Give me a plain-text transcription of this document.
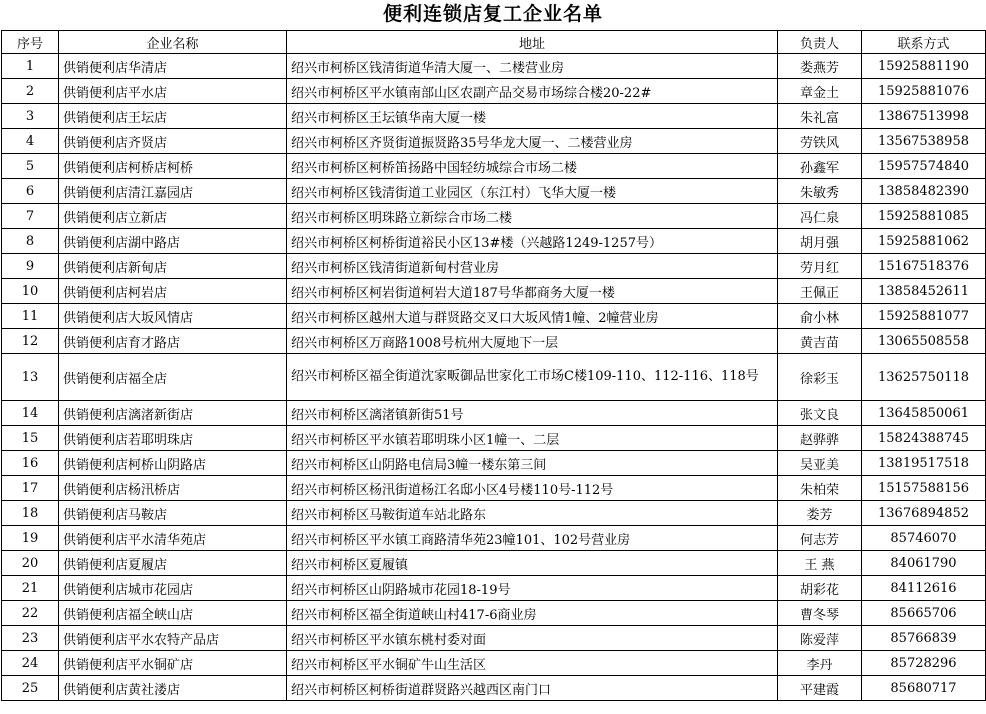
便利连锁店复工企业名单
序号	企业名称	地址	负责人	联系方式
1	供销便利店华清店	绍兴市柯桥区钱清街道华清大厦一、二楼营业房	娄燕芳	15925881190
2	供销便利店平水店	绍兴市柯桥区平水镇南部山区农副产品交易市场综合楼20-22#	章金土	15925881076
3	供销便利店王坛店	绍兴市柯桥区王坛镇华南大厦一楼	朱礼富	13867513998
4	供销便利店齐贤店	绍兴市柯桥区齐贤街道振贤路35号华龙大厦一、二楼营业房	劳铁风	13567538958
5	供销便利店柯桥店柯桥	绍兴市柯桥区柯桥笛扬路中国轻纺城综合市场二楼	孙鑫军	15957574840
6	供销便利店清江嘉园店	绍兴市柯桥区钱清街道工业园区（东江村）飞华大厦一楼	朱敏秀	13858482390
7	供销便利店立新店	绍兴市柯桥区明珠路立新综合市场二楼	冯仁泉	15925881085
8	供销便利店湖中路店	绍兴市柯桥区柯桥街道裕民小区13#楼（兴越路1249-1257号）	胡月强	15925881062
9	供销便利店新甸店	绍兴市柯桥区钱清街道新甸村营业房	劳月红	15167518376
10	供销便利店柯岩店	绍兴市柯桥区柯岩街道柯岩大道187号华都商务大厦一楼	王佩正	13858452611
11	供销便利店大坂风情店	绍兴市柯桥区越州大道与群贤路交叉口大坂风情1幢、2幢营业房	俞小林	15925881077
12	供销便利店育才路店	绍兴市柯桥区万商路1008号杭州大厦地下一层	黄吉苗	13065508558
13	供销便利店福全店	绍兴市柯桥区福全街道沈家畈御品世家化工市场C楼109-110、112-116、118号	徐彩玉	13625750118
14	供销便利店漓渚新街店	绍兴市柯桥区漓渚镇新街51号	张文良	13645850061
15	供销便利店若耶明珠店	绍兴市柯桥区平水镇若耶明珠小区1幢一、二层	赵骅骅	15824388745
16	供销便利店柯桥山阴路店	绍兴市柯桥区山阴路电信局3幢一楼东第三间	吴亚美	13819517518
17	供销便利店杨汛桥店	绍兴市柯桥区杨汛街道杨江名邸小区4号楼110号-112号	朱柏荣	15157588156
18	供销便利店马鞍店	绍兴市柯桥区马鞍街道车站北路东	娄芳	13676894852
19	供销便利店平水清华苑店	绍兴市柯桥区平水镇工商路清华苑23幢101、102号营业房	何志芳	85746070
20	供销便利店夏履店	绍兴市柯桥区夏履镇	王 燕	84061790
21	供销便利店城市花园店	绍兴市柯桥区山阴路城市花园18-19号	胡彩花	84112616
22	供销便利店福全峡山店	绍兴市柯桥区福全街道峡山村417-6商业房	曹冬琴	85665706
23	供销便利店平水农特产品店	绍兴市柯桥区平水镇东桃村委对面	陈爱萍	85766839
24	供销便利店平水铜矿店	绍兴市柯桥区平水铜矿牛山生活区	李丹	85728296
25	供销便利店黄社溇店	绍兴市柯桥区柯桥街道群贤路兴越西区南门口	平建霞	85680717
